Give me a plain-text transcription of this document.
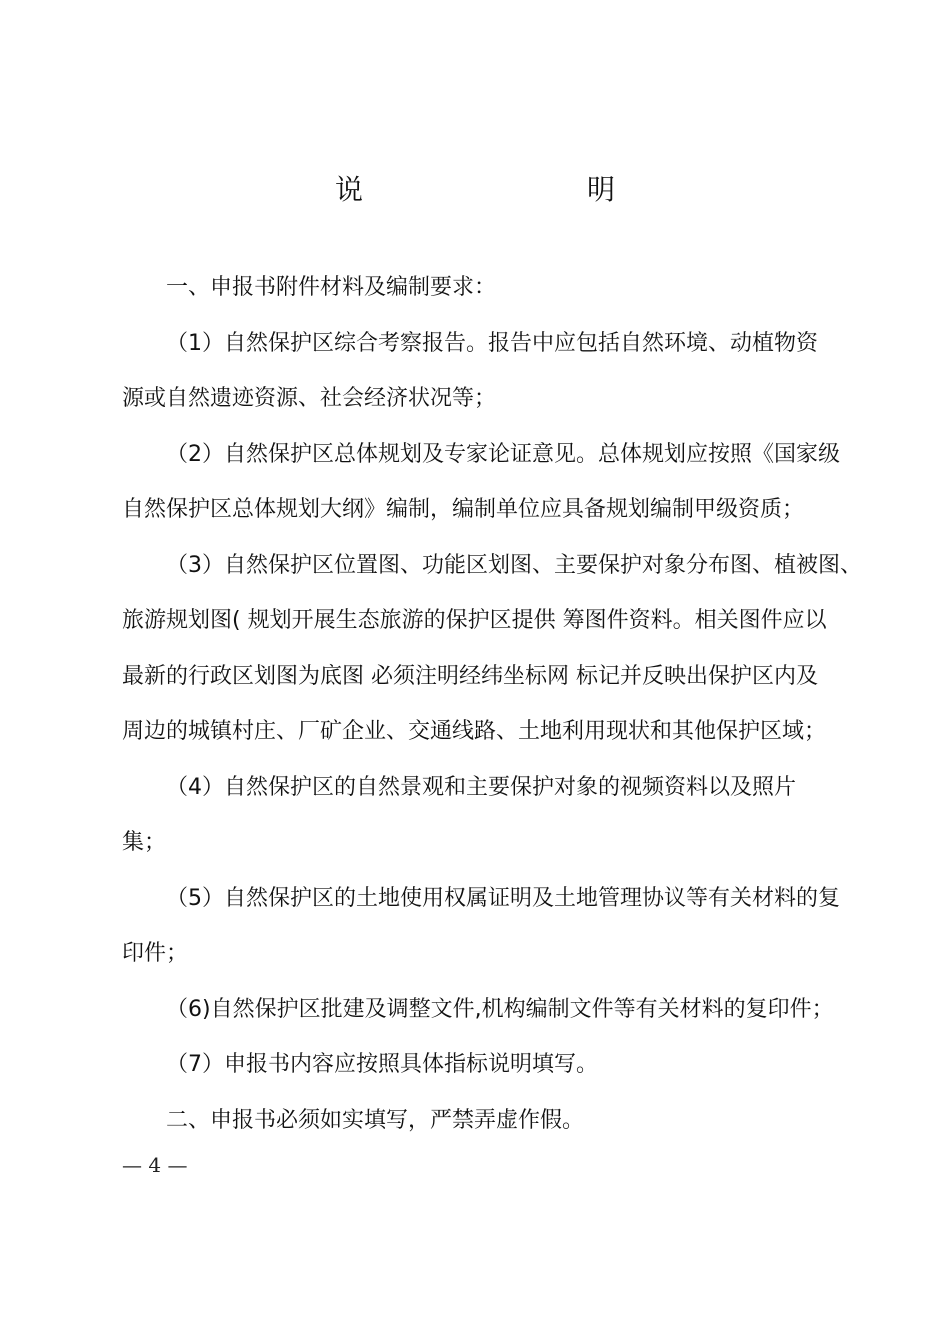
说　　明

一、申报书附件材料及编制要求：
（1）自然保护区综合考察报告。报告中应包括自然环境、动植物资
源或自然遗迹资源、社会经济状况等；
（2）自然保护区总体规划及专家论证意见。总体规划应按照《国家级
自然保护区总体规划大纲》编制，编制单位应具备规划编制甲级资质；
（3）自然保护区位置图、功能区划图、主要保护对象分布图、植被图、
旅游规划图( 规划开展生态旅游的保护区提供 筹图件资料。相关图件应以
最新的行政区划图为底图 必须注明经纬坐标网 标记并反映出保护区内及
周边的城镇村庄、厂矿企业、交通线路、土地利用现状和其他保护区域；
（4）自然保护区的自然景观和主要保护对象的视频资料以及照片
集；
（5）自然保护区的土地使用权属证明及土地管理协议等有关材料的复
印件；
（6)自然保护区批建及调整文件,机构编制文件等有关材料的复印件；
（7）申报书内容应按照具体指标说明填写。
二、申报书必须如实填写，严禁弄虚作假。

— 4 —
